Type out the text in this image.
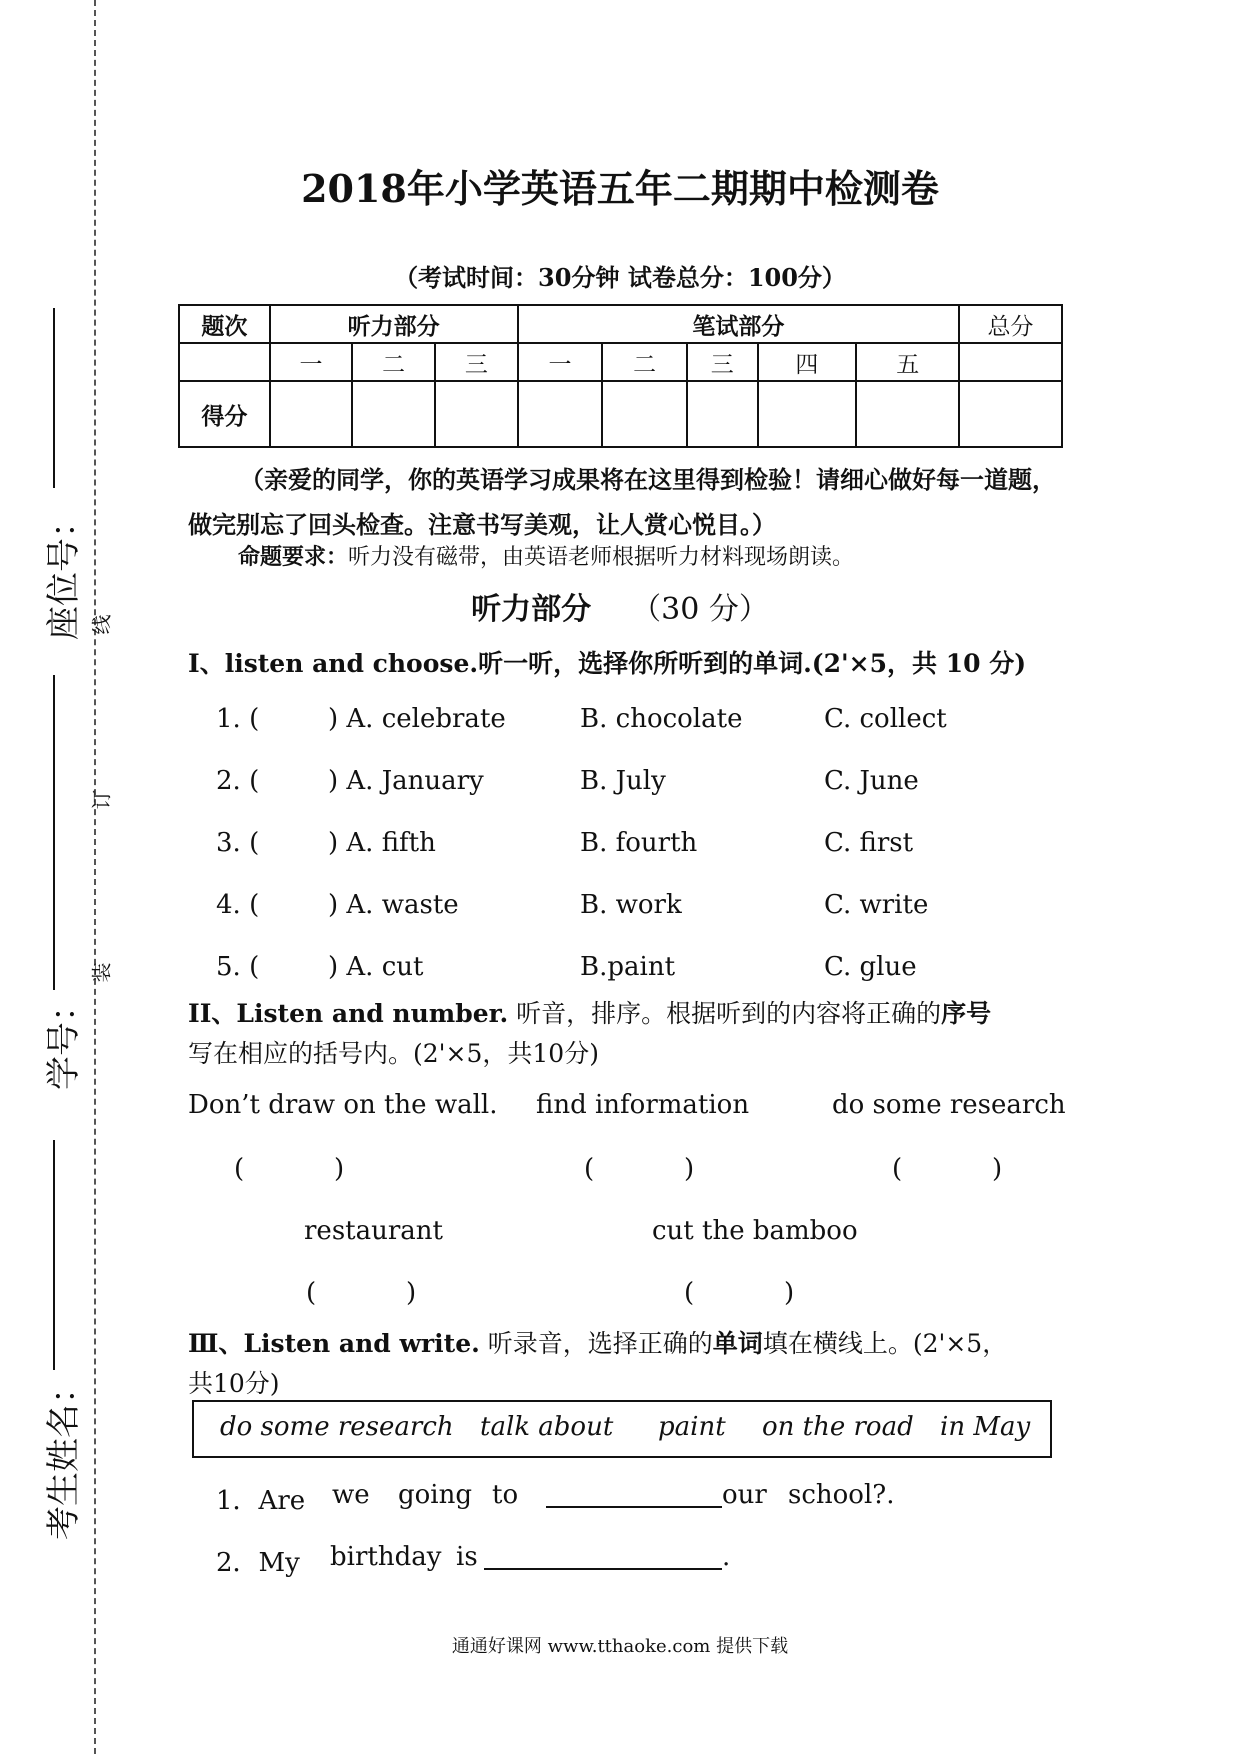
座位号：
学号：
考生姓名：
线
订
装
2018年小学英语五年二期期中检测卷
（考试时间：30分钟 试卷总分：100分）
题次	听力部分			笔试部分					总分
	一	二	三	一	二	三	四	五	
得分									
（亲爱的同学，你的英语学习成果将在这里得到检验！请细心做好每一道题，
做完别忘了回头检查。注意书写美观，让人赏心悦目。）
命题要求：听力没有磁带，由英语老师根据听力材料现场朗读。
听力部分 （30 分）
I、listen and choose.听一听，选择你所听到的单词.(2'×5，共 10 分)
1. (	) A. celebrate	B. chocolate	C. collect
2. (	) A. January	B. July	C. June
3. (	) A. fifth	B. fourth	C. first
4. (	) A. waste	B. work	C. write
5. (	) A. cut	B.paint	C. glue
II、Listen and number. 听音，排序。根据听到的内容将正确的序号
写在相应的括号内。(2'×5，共10分)
Don’t draw on the wall. find information	do some research
(	)	(	)	(	)
restaurant	cut the bamboo
(	)	(	)
Ⅲ、Listen and write. 听录音，选择正确的单词填在横线上。(2'×5，
共10分)
do some research talk about paint on the road in May
1．Are we going to	our school?.
2．My birthday is	.
通通好课网 www.tthaoke.com 提供下载
